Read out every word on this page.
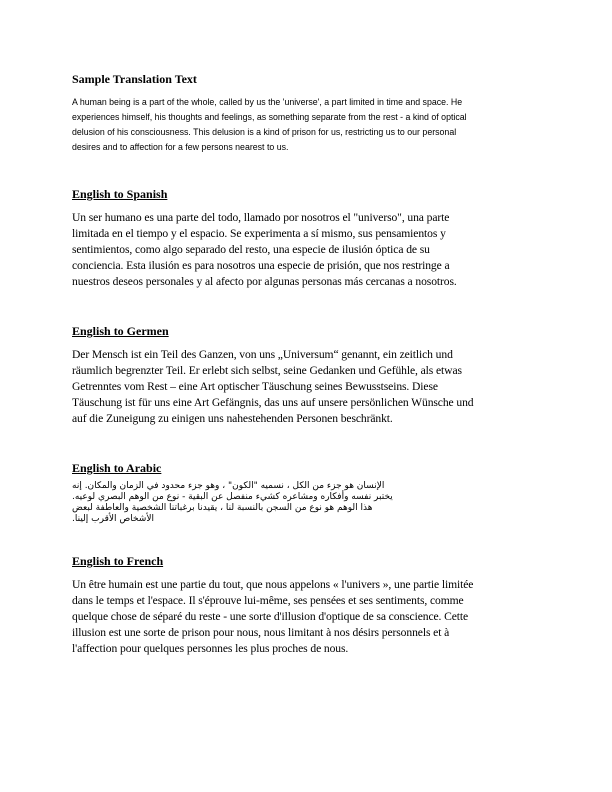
Sample Translation Text
A human being is a part of the whole, called by us the 'universe', a part limited in time and space. He
experiences himself, his thoughts and feelings, as something separate from the rest - a kind of optical
delusion of his consciousness. This delusion is a kind of prison for us, restricting us to our personal
desires and to affection for a few persons nearest to us.
English to Spanish
Un ser humano es una parte del todo, llamado por nosotros el "universo", una parte
limitada en el tiempo y el espacio. Se experimenta a sí mismo, sus pensamientos y
sentimientos, como algo separado del resto, una especie de ilusión óptica de su
conciencia. Esta ilusión es para nosotros una especie de prisión, que nos restringe a
nuestros deseos personales y al afecto por algunas personas más cercanas a nosotros.
English to Germen
Der Mensch ist ein Teil des Ganzen, von uns „Universum“ genannt, ein zeitlich und
räumlich begrenzter Teil. Er erlebt sich selbst, seine Gedanken und Gefühle, als etwas
Getrenntes vom Rest – eine Art optischer Täuschung seines Bewusstseins. Diese
Täuschung ist für uns eine Art Gefängnis, das uns auf unsere persönlichen Wünsche und
auf die Zuneigung zu einigen uns nahestehenden Personen beschränkt.
English to Arabic
الإنسان هو جزء من الكل ، نسميه "الكون" ، وهو جزء محدود في الزمان والمكان. إنه
يختبر نفسه وأفكاره ومشاعره كشيء منفصل عن البقية - نوع من الوهم البصري لوعيه.
هذا الوهم هو نوع من السجن بالنسبة لنا ، يقيدنا برغباتنا الشخصية والعاطفة لبعض
الأشخاص الأقرب إلينا.
English to French
Un être humain est une partie du tout, que nous appelons « l'univers », une partie limitée
dans le temps et l'espace. Il s'éprouve lui-même, ses pensées et ses sentiments, comme
quelque chose de séparé du reste - une sorte d'illusion d'optique de sa conscience. Cette
illusion est une sorte de prison pour nous, nous limitant à nos désirs personnels et à
l'affection pour quelques personnes les plus proches de nous.
